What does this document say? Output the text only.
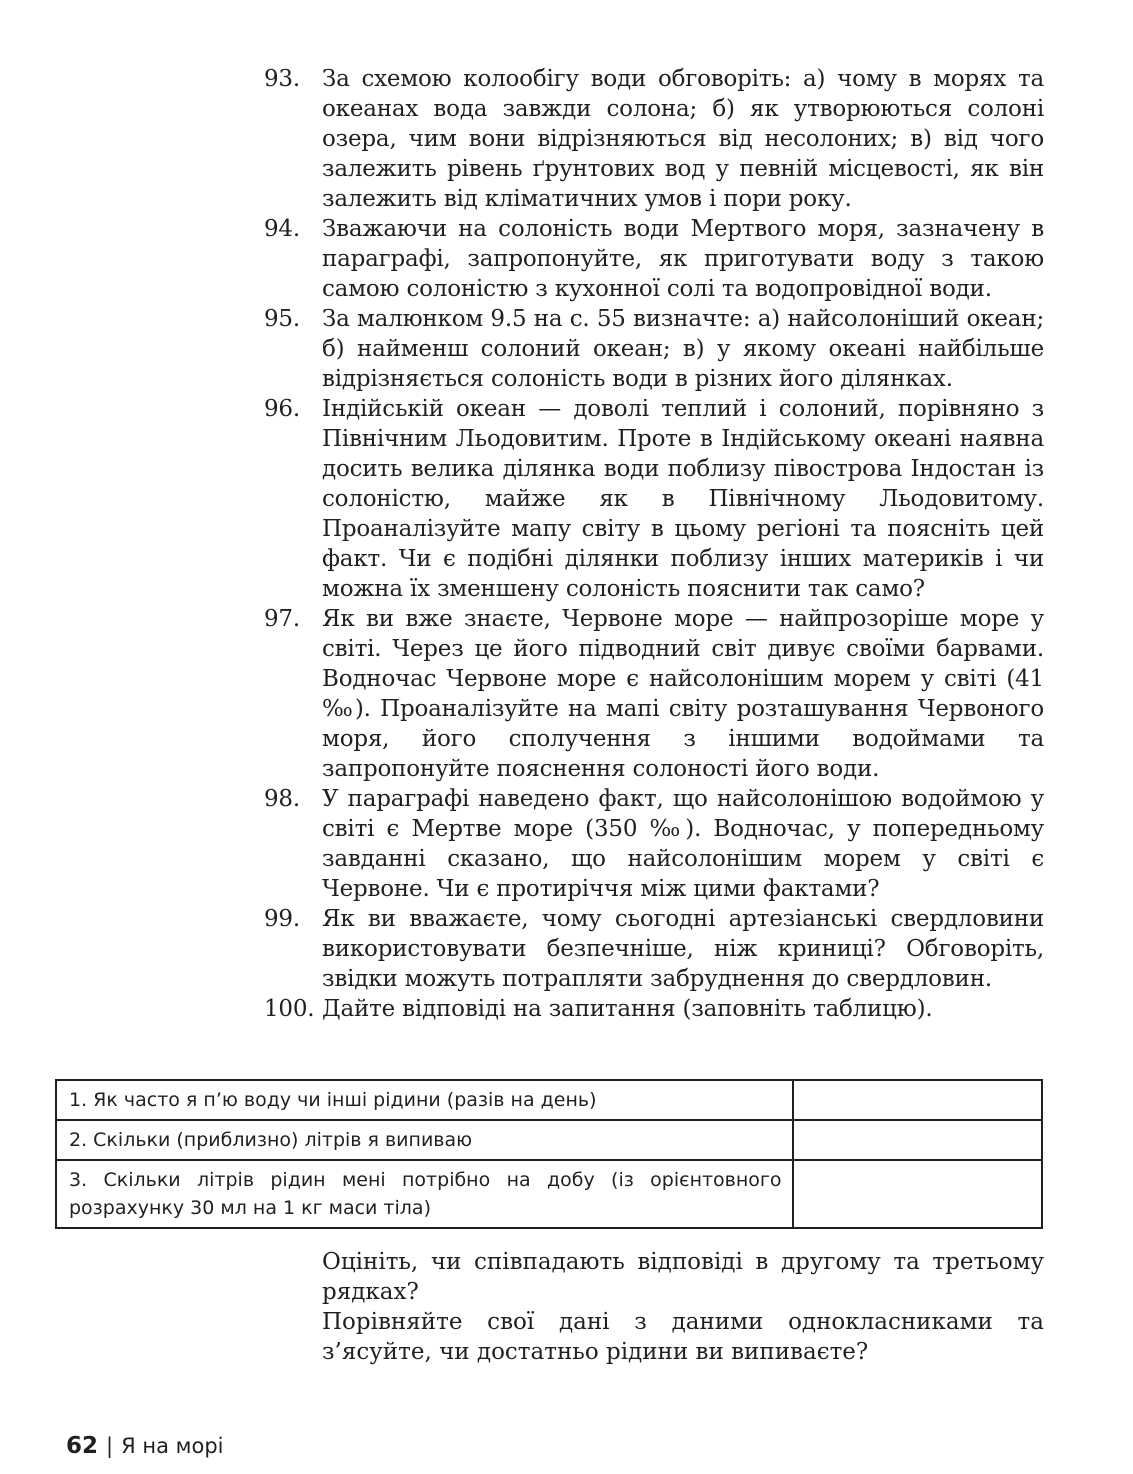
93. За схемою колообігу води обговоріть: а) чому в морях та океанах вода завжди солона; б) як утворюються солоні озера, чим вони відрізняються від несолоних; в) від чого залежить рівень ґрунтових вод у певній місцевості, як він залежить від кліматичних умов і пори року.
94. Зважаючи на солоність води Мертвого моря, зазначену в параграфі, запропонуйте, як приготувати воду з такою самою солоністю з кухонної солі та водопровідної води.
95. За малюнком 9.5 на с. 55 визначте: а) найсолоніший океан; б) найменш солоний океан; в) у якому океані найбільше відрізняється солоність води в різних його ділянках.
96. Індійській океан — доволі теплий і солоний, порівняно з Північним Льодовитим. Проте в Індійському океані наявна досить велика ділянка води поблизу півострова Індостан із солоністю, майже як в Північному Льодовитому. Проаналізуйте мапу світу в цьому регіоні та поясніть цей факт. Чи є подібні ділянки поблизу інших материків і чи можна їх зменшену солоність пояснити так само?
97. Як ви вже знаєте, Червоне море — найпрозоріше море у світі. Через це його підводний світ дивує своїми барвами. Водночас Червоне море є найсолонішим морем у світі (41 ‰). Проаналізуйте на мапі світу розташування Червоного моря, його сполучення з іншими водоймами та запропонуйте пояснення солоності його води.
98. У параграфі наведено факт, що найсолонішою водоймою у світі є Мертве море (350 ‰). Водночас, у попередньому завданні сказано, що найсолонішим морем у світі є Червоне. Чи є протиріччя між цими фактами?
99. Як ви вважаєте, чому сьогодні артезіанські свердловини використовувати безпечніше, ніж криниці? Обговоріть, звідки можуть потрапляти забруднення до свердловин.
100. Дайте відповіді на запитання (заповніть таблицю).
1. Як часто я п’ю воду чи інші рідини (разів на день)	
2. Скільки (приблизно) літрів я випиваю	
3. Скільки літрів рідин мені потрібно на добу (із орієнтовного розрахунку 30 мл на 1 кг маси тіла)	

Оцініть, чи співпадають відповіді в другому та третьому рядках?

Порівняйте свої дані з даними однокласниками та з’ясуйте, чи достатньо рідини ви випиваєте?

62 | Я на морі
